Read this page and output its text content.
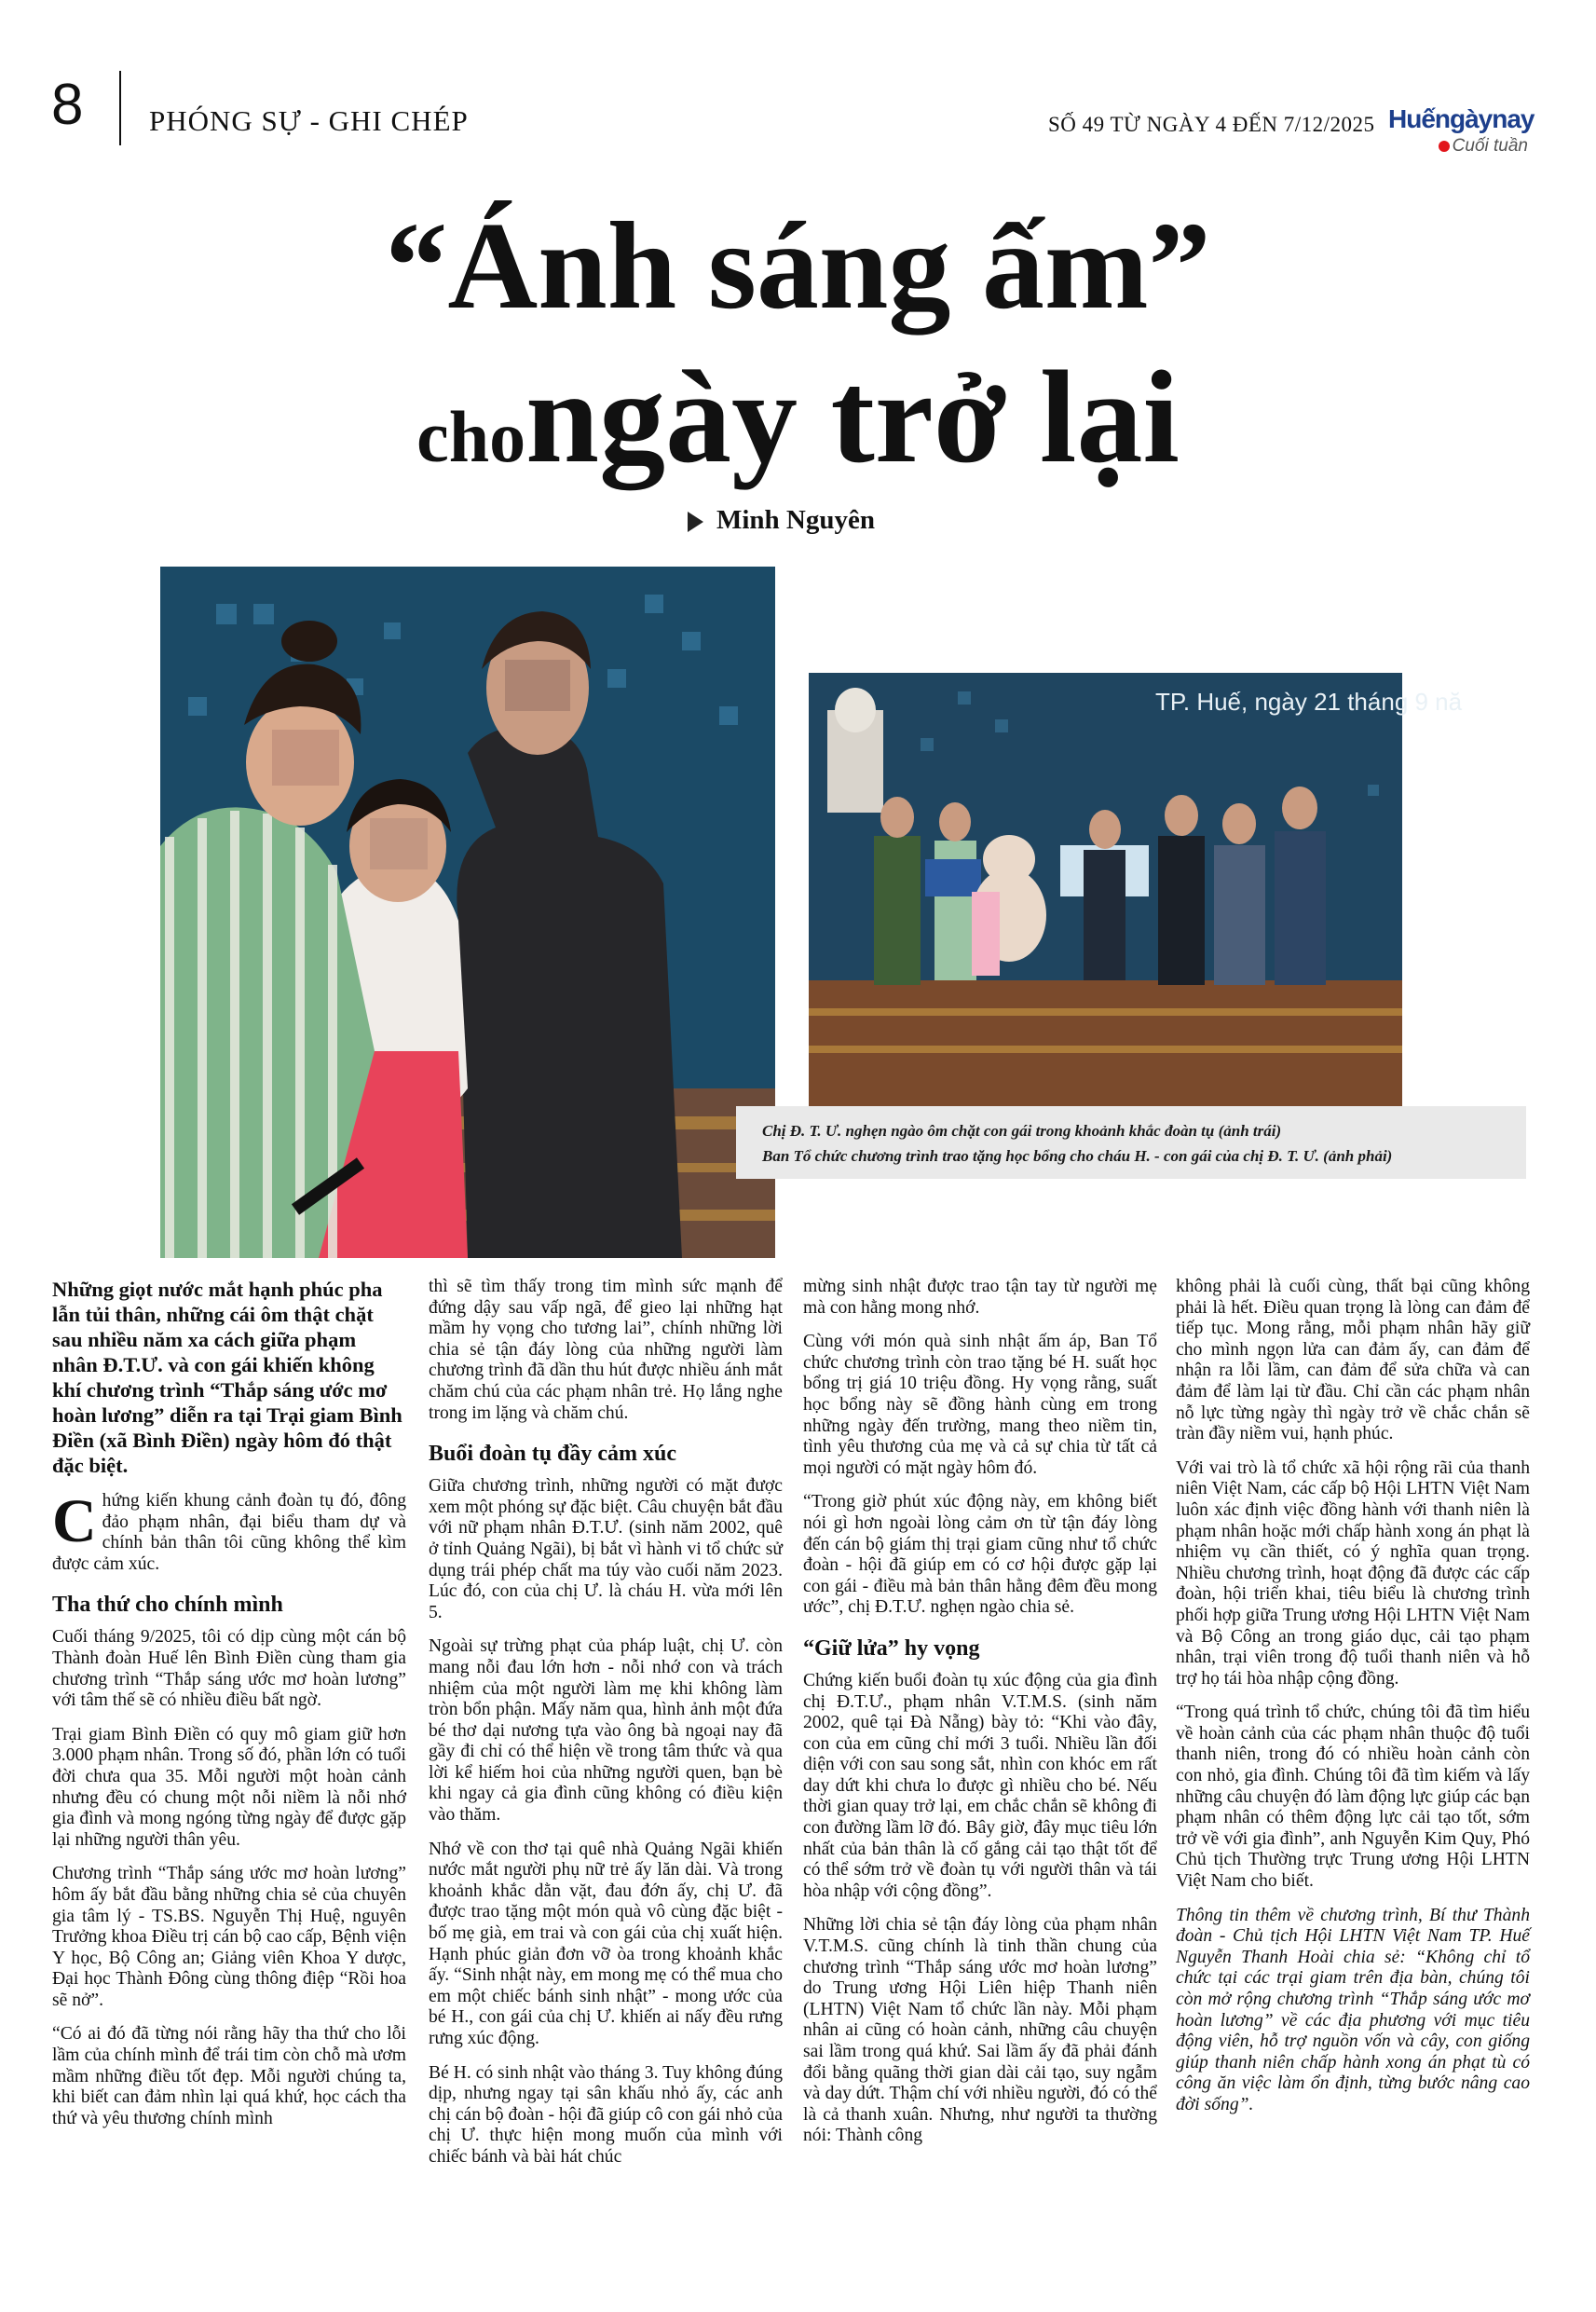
8 PHÓNG SỰ - GHI CHÉP	SỐ 49 TỪ NGÀY 4 ĐẾN 7/12/2025 Huếngàynay
Cuối tuần
“Ánh sáng ấm”
chongày trở lại
Minh Nguyên
TP. Huế, ngày 21 tháng 9 nă
Chị Đ. T. Ư. nghẹn ngào ôm chặt con gái trong khoảnh khắc đoàn tụ (ảnh trái)
Ban Tổ chức chương trình trao tặng học bổng cho cháu H. - con gái của chị Đ. T. Ư. (ảnh phải)

Những giọt nước mắt hạnh phúc pha lẫn tủi thân, những cái ôm thật chặt sau nhiều năm xa cách giữa phạm nhân Đ.T.Ư. và con gái khiến không khí chương trình “Thắp sáng ước mơ hoàn lương” diễn ra tại Trại giam Bình Điền (xã Bình Điền) ngày hôm đó thật đặc biệt.

Chứng kiến khung cảnh đoàn tụ đó, đông đảo phạm nhân, đại biểu tham dự và chính bản thân tôi cũng không thể kìm được cảm xúc.

Tha thứ cho chính mình

Cuối tháng 9/2025, tôi có dịp cùng một cán bộ Thành đoàn Huế lên Bình Điền cùng tham gia chương trình “Thắp sáng ước mơ hoàn lương” với tâm thế sẽ có nhiều điều bất ngờ.

Trại giam Bình Điền có quy mô giam giữ hơn 3.000 phạm nhân. Trong số đó, phần lớn có tuổi đời chưa qua 35. Mỗi người một hoàn cảnh nhưng đều có chung một nỗi niềm là nỗi nhớ gia đình và mong ngóng từng ngày để được gặp lại những người thân yêu.

Chương trình “Thắp sáng ước mơ hoàn lương” hôm ấy bắt đầu bằng những chia sẻ của chuyên gia tâm lý - TS.BS. Nguyễn Thị Huệ, nguyên Trưởng khoa Điều trị cán bộ cao cấp, Bệnh viện Y học, Bộ Công an; Giảng viên Khoa Y dược, Đại học Thành Đông cùng thông điệp “Rồi hoa sẽ nở”.

“Có ai đó đã từng nói rằng hãy tha thứ cho lỗi lầm của chính mình để trái tim còn chỗ mà ươm mầm những điều tốt đẹp. Mỗi người chúng ta, khi biết can đảm nhìn lại quá khứ, học cách tha thứ và yêu thương chính mình

thì sẽ tìm thấy trong tim mình sức mạnh để đứng dậy sau vấp ngã, để gieo lại những hạt mầm hy vọng cho tương lai”, chính những lời chia sẻ tận đáy lòng của những người làm chương trình đã dần thu hút được nhiều ánh mắt chăm chú của các phạm nhân trẻ. Họ lắng nghe trong im lặng và chăm chú.

Buổi đoàn tụ đầy cảm xúc

Giữa chương trình, những người có mặt được xem một phóng sự đặc biệt. Câu chuyện bắt đầu với nữ phạm nhân Đ.T.Ư. (sinh năm 2002, quê ở tỉnh Quảng Ngãi), bị bắt vì hành vi tổ chức sử dụng trái phép chất ma túy vào cuối năm 2023. Lúc đó, con của chị Ư. là cháu H. vừa mới lên 5.

Ngoài sự trừng phạt của pháp luật, chị Ư. còn mang nỗi đau lớn hơn - nỗi nhớ con và trách nhiệm của một người làm mẹ khi không làm tròn bổn phận. Mấy năm qua, hình ảnh một đứa bé thơ dại nương tựa vào ông bà ngoại nay đã gầy đi chỉ có thể hiện về trong tâm thức và qua lời kể hiếm hoi của những người quen, bạn bè khi ngay cả gia đình cũng không có điều kiện vào thăm.

Nhớ về con thơ tại quê nhà Quảng Ngãi khiến nước mắt người phụ nữ trẻ ấy lăn dài. Và trong khoảnh khắc dằn vặt, đau đớn ấy, chị Ư. đã được trao tặng một món quà vô cùng đặc biệt - bố mẹ già, em trai và con gái của chị xuất hiện. Hạnh phúc giản đơn vỡ òa trong khoảnh khắc ấy. “Sinh nhật này, em mong mẹ có thể mua cho em một chiếc bánh sinh nhật” - mong ước của bé H., con gái của chị Ư. khiến ai nấy đều rưng rưng xúc động.

Bé H. có sinh nhật vào tháng 3. Tuy không đúng dịp, nhưng ngay tại sân khấu nhỏ ấy, các anh chị cán bộ đoàn - hội đã giúp cô con gái nhỏ của chị Ư. thực hiện mong muốn của mình với chiếc bánh và bài hát chúc

mừng sinh nhật được trao tận tay từ người mẹ mà con hằng mong nhớ.

Cùng với món quà sinh nhật ấm áp, Ban Tổ chức chương trình còn trao tặng bé H. suất học bổng trị giá 10 triệu đồng. Hy vọng rằng, suất học bổng này sẽ đồng hành cùng em trong những ngày đến trường, mang theo niềm tin, tình yêu thương của mẹ và cả sự chia từ tất cả mọi người có mặt ngày hôm đó.

“Trong giờ phút xúc động này, em không biết nói gì hơn ngoài lòng cảm ơn từ tận đáy lòng đến cán bộ giám thị trại giam cũng như tổ chức đoàn - hội đã giúp em có cơ hội được gặp lại con gái - điều mà bản thân hằng đêm đều mong ước”, chị Đ.T.Ư. nghẹn ngào chia sẻ.

“Giữ lửa” hy vọng

Chứng kiến buổi đoàn tụ xúc động của gia đình chị Đ.T.Ư., phạm nhân V.T.M.S. (sinh năm 2002, quê tại Đà Nẵng) bày tỏ: “Khi vào đây, con của em cũng chỉ mới 3 tuổi. Nhiều lần đối diện với con sau song sắt, nhìn con khóc em rất day dứt khi chưa lo được gì nhiều cho bé. Nếu thời gian quay trở lại, em chắc chắn sẽ không đi con đường lầm lỡ đó. Bây giờ, đây mục tiêu lớn nhất của bản thân là cố gắng cải tạo thật tốt để có thể sớm trở về đoàn tụ với người thân và tái hòa nhập với cộng đồng”.

Những lời chia sẻ tận đáy lòng của phạm nhân V.T.M.S. cũng chính là tinh thần chung của chương trình “Thắp sáng ước mơ hoàn lương” do Trung ương Hội Liên hiệp Thanh niên (LHTN) Việt Nam tổ chức lần này. Mỗi phạm nhân ai cũng có hoàn cảnh, những câu chuyện sai lầm trong quá khứ. Sai lầm ấy đã phải đánh đổi bằng quãng thời gian dài cải tạo, suy ngẫm và day dứt. Thậm chí với nhiều người, đó có thể là cả thanh xuân. Nhưng, như người ta thường nói: Thành công

không phải là cuối cùng, thất bại cũng không phải là hết. Điều quan trọng là lòng can đảm để tiếp tục. Mong rằng, mỗi phạm nhân hãy giữ cho mình ngọn lửa can đảm ấy, can đảm để nhận ra lỗi lầm, can đảm để sửa chữa và can đảm để làm lại từ đầu. Chỉ cần các phạm nhân nỗ lực từng ngày thì ngày trở về chắc chắn sẽ tràn đầy niềm vui, hạnh phúc.

Với vai trò là tổ chức xã hội rộng rãi của thanh niên Việt Nam, các cấp bộ Hội LHTN Việt Nam luôn xác định việc đồng hành với thanh niên là phạm nhân hoặc mới chấp hành xong án phạt là nhiệm vụ cần thiết, có ý nghĩa quan trọng. Nhiều chương trình, hoạt động đã được các cấp đoàn, hội triển khai, tiêu biểu là chương trình phối hợp giữa Trung ương Hội LHTN Việt Nam và Bộ Công an trong giáo dục, cải tạo phạm nhân, trại viên trong độ tuổi thanh niên và hỗ trợ họ tái hòa nhập cộng đồng.

“Trong quá trình tổ chức, chúng tôi đã tìm hiểu về hoàn cảnh của các phạm nhân thuộc độ tuổi thanh niên, trong đó có nhiều hoàn cảnh còn con nhỏ, gia đình. Chúng tôi đã tìm kiếm và lấy những câu chuyện đó làm động lực giúp các bạn phạm nhân có thêm động lực cải tạo tốt, sớm trở về với gia đình”, anh Nguyễn Kim Quy, Phó Chủ tịch Thường trực Trung ương Hội LHTN Việt Nam cho biết.

Thông tin thêm về chương trình, Bí thư Thành đoàn - Chủ tịch Hội LHTN Việt Nam TP. Huế Nguyễn Thanh Hoài chia sẻ: “Không chỉ tổ chức tại các trại giam trên địa bàn, chúng tôi còn mở rộng chương trình “Thắp sáng ước mơ hoàn lương” về các địa phương với mục tiêu động viên, hỗ trợ nguồn vốn và cây, con giống giúp thanh niên chấp hành xong án phạt tù có công ăn việc làm ổn định, từng bước nâng cao đời sống”.
